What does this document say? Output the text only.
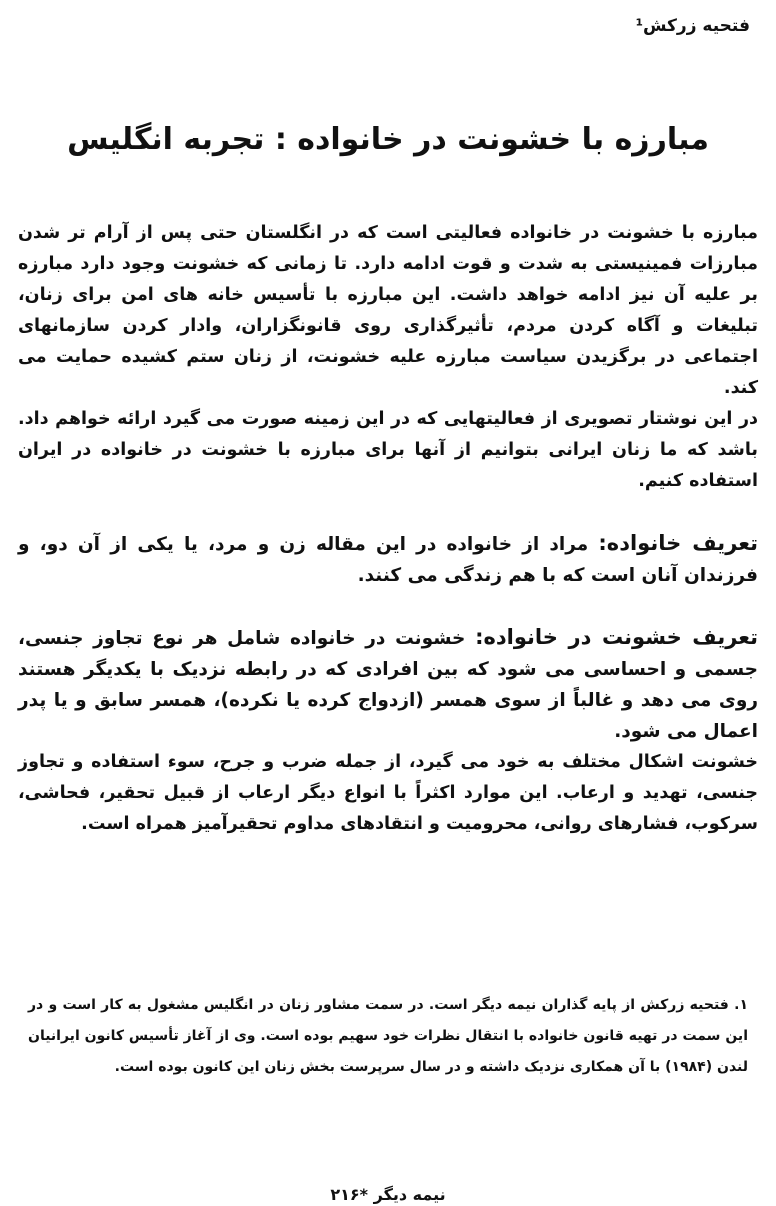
فتحیه زرکش¹
مبارزه با خشونت در خانواده : تجربه انگلیس

مبارزه با خشونت در خانواده فعالیتی است که در انگلستان حتی پس از آرام تر شدن مبارزات فمینیستی به شدت و قوت ادامه دارد. تا زمانی که خشونت وجود دارد مبارزه بر علیه آن نیز ادامه خواهد داشت. این مبارزه با تأسیس خانه های امن برای زنان، تبلیغات و آگاه کردن مردم، تأثیرگذاری روی قانونگزاران، وادار کردن سازمانهای اجتماعی در برگزیدن سیاست مبارزه علیه خشونت، از زنان ستم کشیده حمایت می کند.

در این نوشتار تصویری از فعالیتهایی که در این زمینه صورت می گیرد ارائه خواهم داد. باشد که ما زنان ایرانی بتوانیم از آنها برای مبارزه با خشونت در خانواده در ایران استفاده کنیم.

تعریف خانواده: مراد از خانواده در این مقاله زن و مرد، یا یکی از آن دو، و فرزندان آنان است که با هم زندگی می کنند.

تعریف خشونت در خانواده: خشونت در خانواده شامل هر نوع تجاوز جنسی، جسمی و احساسی می شود که بین افرادی که در رابطه نزدیک با یکدیگر هستند روی می دهد و غالباً از سوی همسر (ازدواج کرده یا نکرده)، همسر سابق و یا پدر اعمال می شود.

خشونت اشکال مختلف به خود می گیرد، از جمله ضرب و جرح، سوء استفاده و تجاوز جنسی، تهدید و ارعاب. این موارد اکثراً با انواع دیگر ارعاب از قبیل تحقیر، فحاشی، سرکوب، فشارهای روانی، محرومیت و انتقادهای مداوم تحقیرآمیز همراه است.

۱. فتحیه زرکش از پایه گذاران نیمه دیگر است. در سمت مشاور زنان در انگلیس مشغول به کار است و در این سمت در تهیه قانون خانواده با انتقال نظرات خود سهیم بوده است. وی از آغاز تأسیس کانون ایرانیان لندن (۱۹۸۴) با آن همکاری نزدیک داشته و در سال سرپرست بخش زنان این کانون بوده است.

نیمه دیگر *۲۱۶
